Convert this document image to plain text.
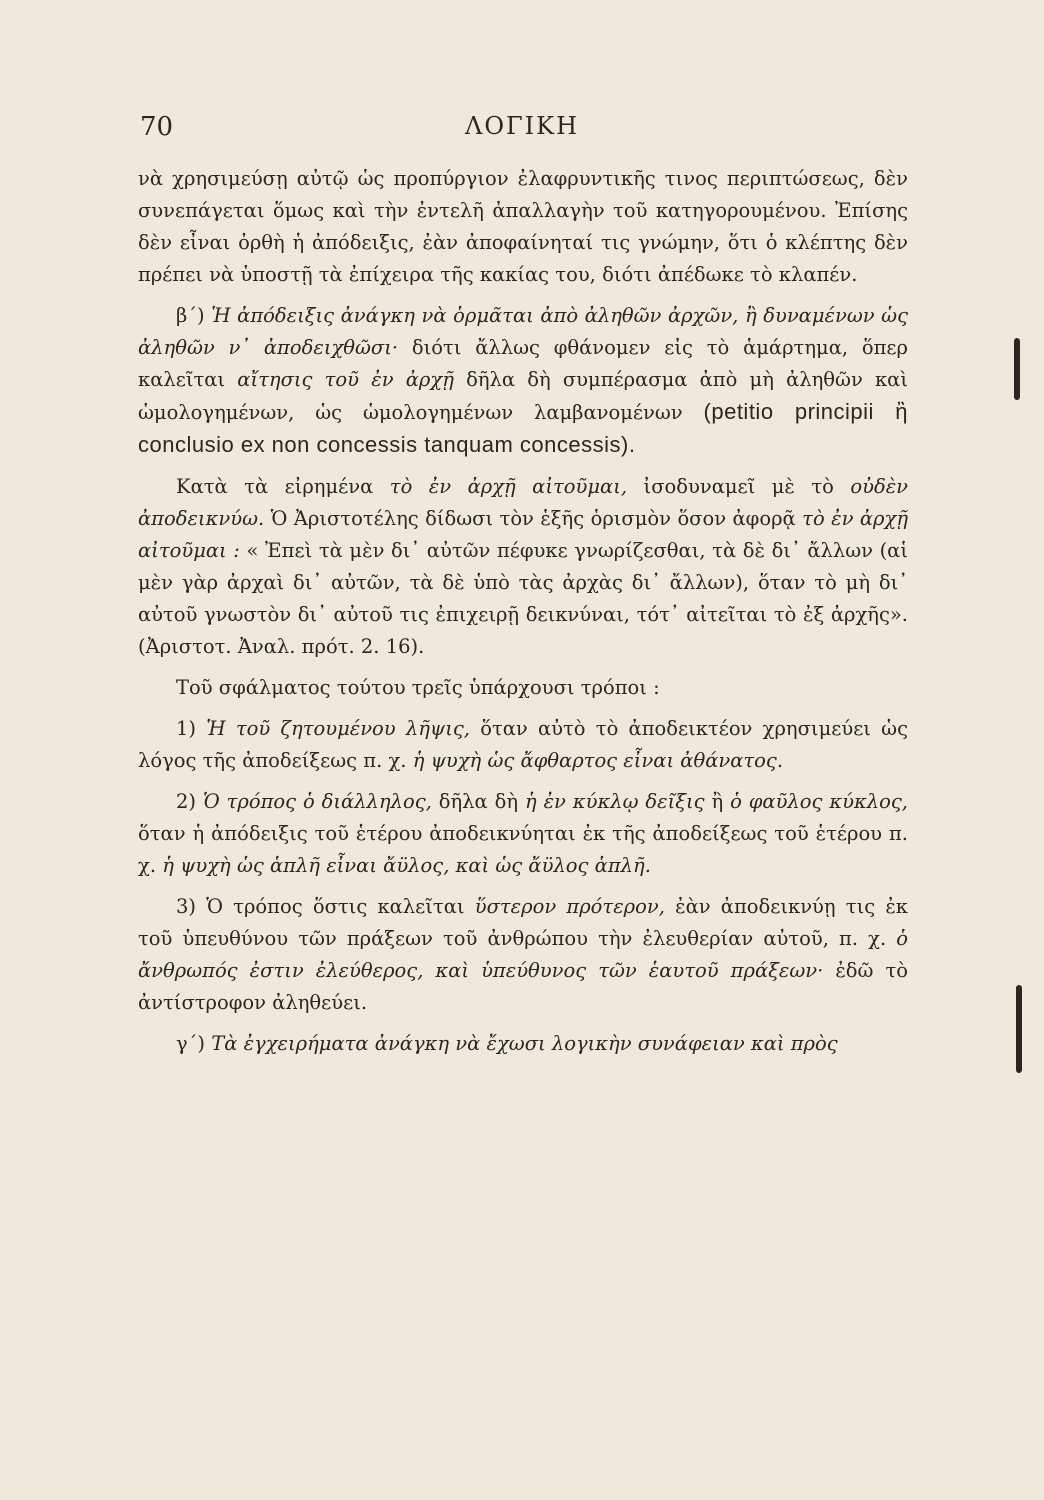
ΛΟΓΙΚΗ
70

νὰ χρησιμεύσῃ αὐτῷ ὡς προπύργιον ἐλαφρυντικῆς τινος περιπτώσεως, δὲν συνεπάγεται ὅμως καὶ τὴν ἐντελῆ ἀπαλλαγὴν τοῦ κατηγορουμένου. Ἐπίσης δὲν εἶναι ὀρθὴ ἡ ἀπόδειξις, ἐὰν ἀποφαίνηταί τις γνώμην, ὅτι ὁ κλέπτης δὲν πρέπει νὰ ὑποστῇ τὰ ἐπίχειρα τῆς κακίας του, διότι ἀπέδωκε τὸ κλαπέν.

β΄) Ἡ ἀπόδειξις ἀνάγκη νὰ ὁρμᾶται ἀπὸ ἀληθῶν ἀρχῶν, ἢ δυναμένων ὡς ἀληθῶν ν᾽ ἀποδειχθῶσι· διότι ἄλλως φθάνομεν εἰς τὸ ἁμάρτημα, ὅπερ καλεῖται αἴτησις τοῦ ἐν ἀρχῇ δῆλα δὴ συμπέρασμα ἀπὸ μὴ ἀληθῶν καὶ ὡμολογημένων, ὡς ὡμολογημένων λαμβανομένων (petitio principii ἢ conclusio ex non concessis tanquam concessis).

Κατὰ τὰ εἰρημένα τὸ ἐν ἀρχῇ αἰτοῦμαι, ἰσοδυναμεῖ μὲ τὸ οὐδὲν ἀποδεικνύω. Ὁ Ἀριστοτέλης δίδωσι τὸν ἑξῆς ὁρισμὸν ὅσον ἀφορᾷ τὸ ἐν ἀρχῇ αἰτοῦμαι : « Ἐπεὶ τὰ μὲν δι᾽ αὐτῶν πέφυκε γνωρίζεσθαι, τὰ δὲ δι᾽ ἄλλων (αἱ μὲν γὰρ ἀρχαὶ δι᾽ αὐτῶν, τὰ δὲ ὑπὸ τὰς ἀρχὰς δι᾽ ἄλλων), ὅταν τὸ μὴ δι᾽ αὐτοῦ γνωστὸν δι᾽ αὐτοῦ τις ἐπιχειρῇ δεικνύναι, τότ᾽ αἰτεῖται τὸ ἐξ ἀρχῆς». (Ἀριστοτ. Ἀναλ. πρότ. 2. 16).

Τοῦ σφάλματος τούτου τρεῖς ὑπάρχουσι τρόποι :

1) Ἡ τοῦ ζητουμένου λῆψις, ὅταν αὐτὸ τὸ ἀποδεικτέον χρησιμεύει ὡς λόγος τῆς ἀποδείξεως π. χ. ἡ ψυχὴ ὡς ἄφθαρτος εἶναι ἀθάνατος.

2) Ὁ τρόπος ὁ διάλληλος, δῆλα δὴ ἡ ἐν κύκλῳ δεῖξις ἢ ὁ φαῦλος κύκλος, ὅταν ἡ ἀπόδειξις τοῦ ἑτέρου ἀποδεικνύηται ἐκ τῆς ἀποδείξεως τοῦ ἑτέρου π. χ. ἡ ψυχὴ ὡς ἁπλῆ εἶναι ἄϋλος, καὶ ὡς ἄϋλος ἁπλῆ.

3) Ὁ τρόπος ὅστις καλεῖται ὕστερον πρότερον, ἐὰν ἀποδεικνύῃ τις ἐκ τοῦ ὑπευθύνου τῶν πράξεων τοῦ ἀνθρώπου τὴν ἐλευθερίαν αὐτοῦ, π. χ. ὁ ἄνθρωπός ἐστιν ἐλεύθερος, καὶ ὑπεύθυνος τῶν ἑαυτοῦ πράξεων· ἐδῶ τὸ ἀντίστροφον ἀληθεύει.

γ΄) Τὰ ἐγχειρήματα ἀνάγκη νὰ ἔχωσι λογικὴν συνάφειαν καὶ πρὸς
